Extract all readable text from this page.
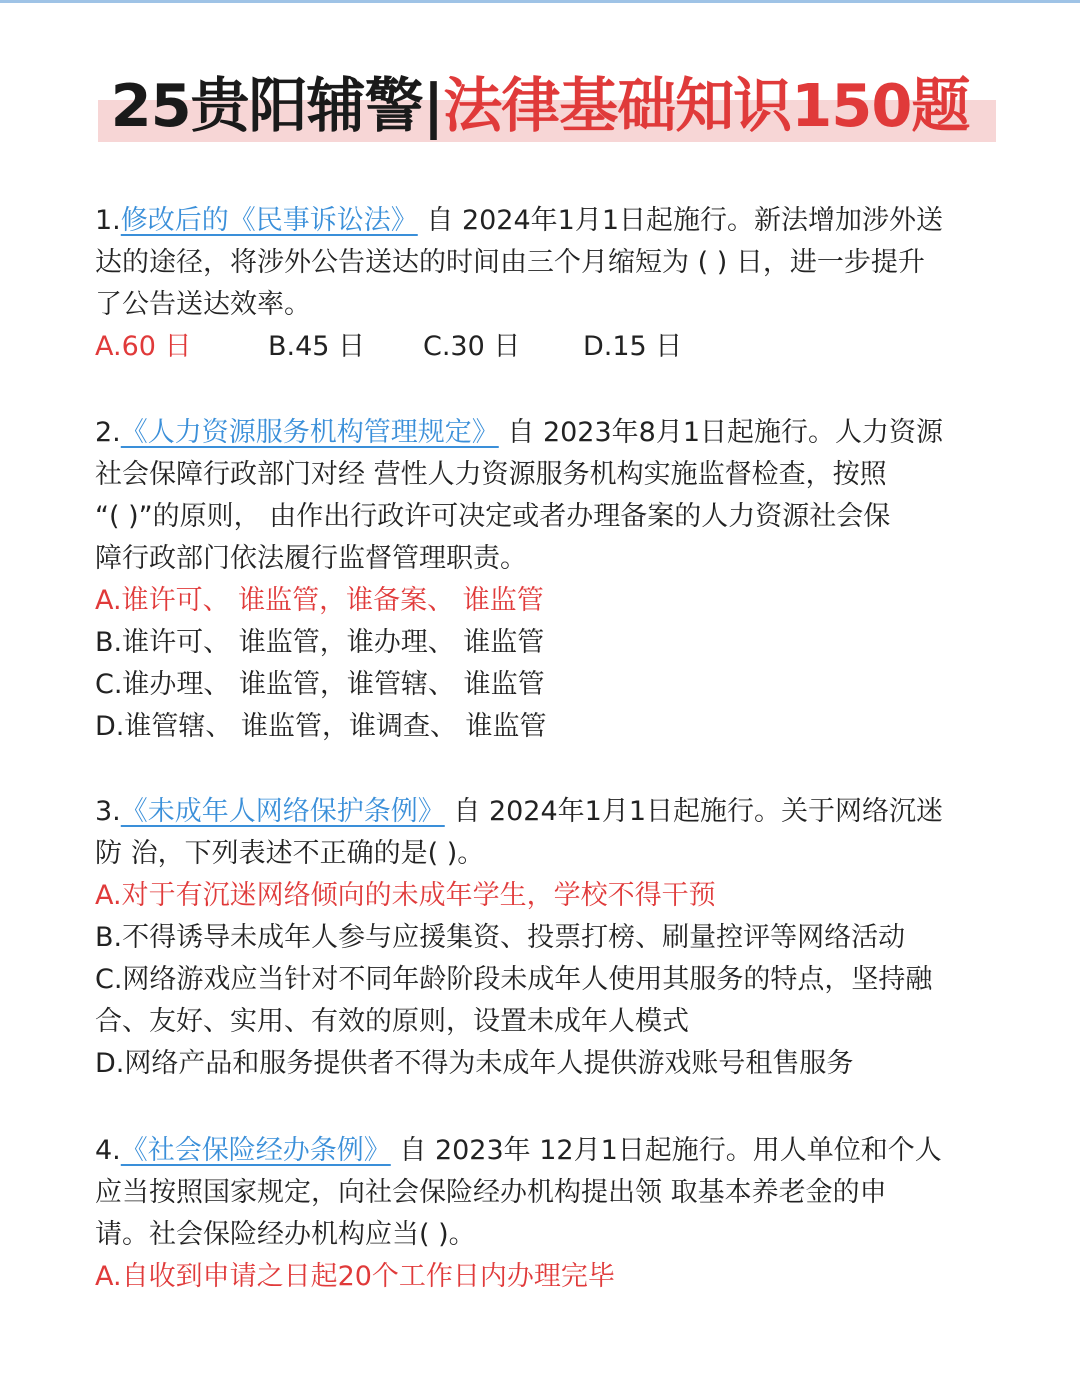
25贵阳辅警|法律基础知识150题

1.修改后的《民事诉讼法》 自 2024年1月1日起施行。新法增加涉外送

达的途径，将涉外公告送达的时间由三个月缩短为 ( ) 日，进一步提升

了公告送达效率。

A.60 日	B.45 日	C.30 日	D.15 日

2.《人力资源服务机构管理规定》 自 2023年8月1日起施行。人力资源

社会保障行政部门对经 营性人力资源服务机构实施监督检查，按照

“( )”的原则， 由作出行政许可决定或者办理备案的人力资源社会保

障行政部门依法履行监督管理职责。

A.谁许可、 谁监管，谁备案、 谁监管

B.谁许可、 谁监管，谁办理、 谁监管

C.谁办理、 谁监管，谁管辖、 谁监管

D.谁管辖、 谁监管，谁调查、 谁监管

3.《未成年人网络保护条例》 自 2024年1月1日起施行。关于网络沉迷

防 治，下列表述不正确的是( )。

A.对于有沉迷网络倾向的未成年学生，学校不得干预

B.不得诱导未成年人参与应援集资、投票打榜、刷量控评等网络活动

C.网络游戏应当针对不同年龄阶段未成年人使用其服务的特点，坚持融

合、友好、实用、有效的原则，设置未成年人模式

D.网络产品和服务提供者不得为未成年人提供游戏账号租售服务

4.《社会保险经办条例》 自 2023年 12月1日起施行。用人单位和个人

应当按照国家规定，向社会保险经办机构提出领 取基本养老金的申

请。社会保险经办机构应当( )。

A.自收到申请之日起20个工作日内办理完毕
